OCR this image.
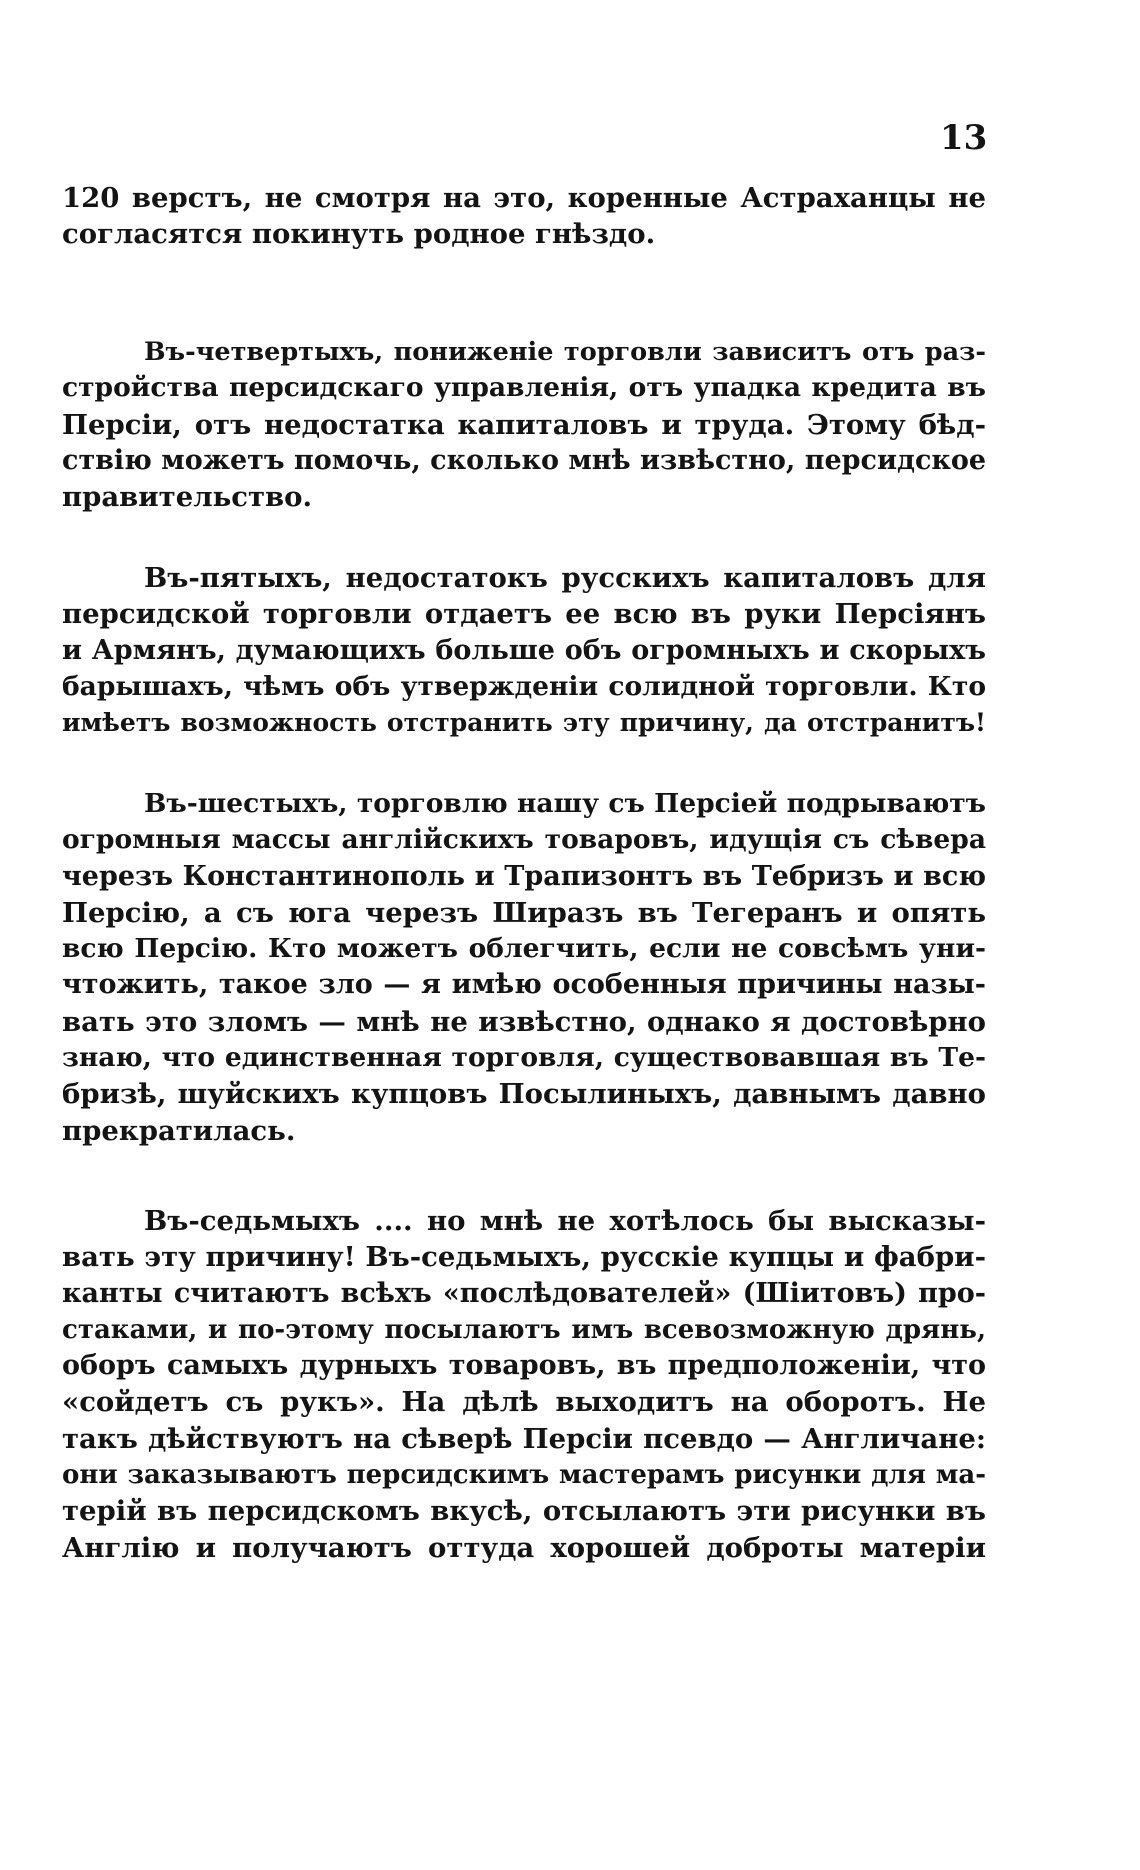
13
120 верстъ, не смотря на это, коренные Астраханцы не
согласятся покинуть родное гнѣздо.
Въ-четвертыхъ, пониженіе торговли зависитъ отъ раз-
стройства персидскаго управленія, отъ упадка кредита въ
Персіи, отъ недостатка капиталовъ и труда. Этому бѣд-
ствію можетъ помочь, сколько мнѣ извѣстно, персидское
правительство.
Въ-пятыхъ, недостатокъ русскихъ капиталовъ для
персидской торговли отдаетъ ее всю въ руки Персіянъ
и Армянъ, думающихъ больше объ огромныхъ и скорыхъ
барышахъ, чѣмъ объ утвержденіи солидной торговли. Кто
имѣетъ возможность отстранить эту причину, да отстранитъ!
Въ-шестыхъ, торговлю нашу съ Персіей подрываютъ
огромныя массы англійскихъ товаровъ, идущія съ сѣвера
черезъ Константинополь и Трапизонтъ въ Тебризъ и всю
Персію, а съ юга черезъ Ширазъ въ Тегеранъ и опять
всю Персію. Кто можетъ облегчить, если не совсѣмъ уни-
чтожить, такое зло — я имѣю особенныя причины назы-
вать это зломъ — мнѣ не извѣстно, однако я достовѣрно
знаю, что единственная торговля, существовавшая въ Те-
бризѣ, шуйскихъ купцовъ Посылиныхъ, давнымъ давно
прекратилась.
Въ-седьмыхъ .... но мнѣ не хотѣлось бы высказы-
вать эту причину! Въ-седьмыхъ, русскіе купцы и фабри-
канты считаютъ всѣхъ «послѣдователей» (Шіитовъ) про-
стаками, и по-этому посылаютъ имъ всевозможную дрянь,
оборъ самыхъ дурныхъ товаровъ, въ предположеніи, что
«сойдетъ съ рукъ». На дѣлѣ выходитъ на оборотъ. Не
такъ дѣйствуютъ на сѣверѣ Персіи псевдо — Англичане:
они заказываютъ персидскимъ мастерамъ рисунки для ма-
терій въ персидскомъ вкусѣ, отсылаютъ эти рисунки въ
Англію и получаютъ оттуда хорошей доброты матеріи
